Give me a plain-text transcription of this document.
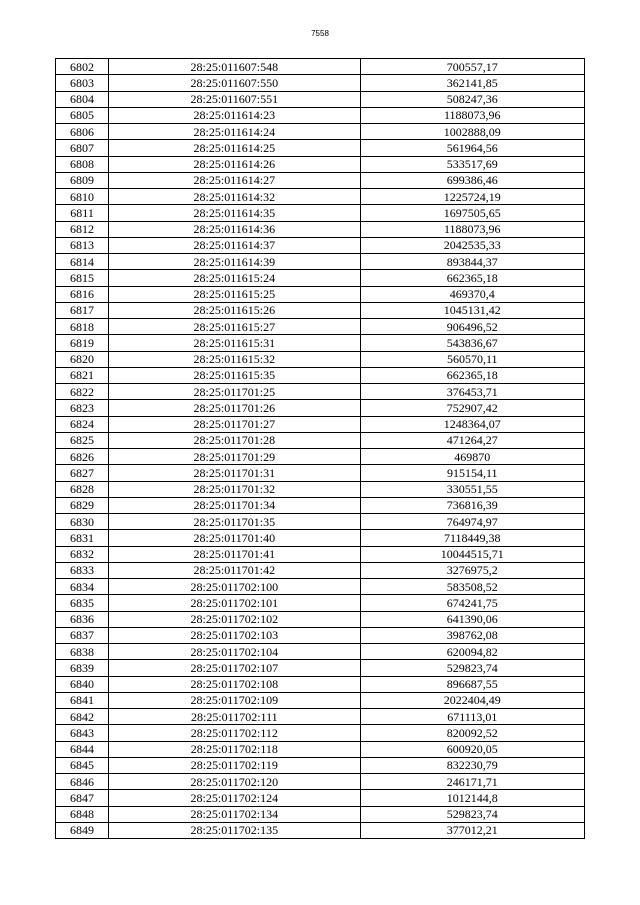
7558
6802	28:25:011607:548	700557,17
6803	28:25:011607:550	362141,85
6804	28:25:011607:551	508247,36
6805	28:25:011614:23	1188073,96
6806	28:25:011614:24	1002888,09
6807	28:25:011614:25	561964,56
6808	28:25:011614:26	533517,69
6809	28:25:011614:27	699386,46
6810	28:25:011614:32	1225724,19
6811	28:25:011614:35	1697505,65
6812	28:25:011614:36	1188073,96
6813	28:25:011614:37	2042535,33
6814	28:25:011614:39	893844,37
6815	28:25:011615:24	662365,18
6816	28:25:011615:25	469370,4
6817	28:25:011615:26	1045131,42
6818	28:25:011615:27	906496,52
6819	28:25:011615:31	543836,67
6820	28:25:011615:32	560570,11
6821	28:25:011615:35	662365,18
6822	28:25:011701:25	376453,71
6823	28:25:011701:26	752907,42
6824	28:25:011701:27	1248364,07
6825	28:25:011701:28	471264,27
6826	28:25:011701:29	469870
6827	28:25:011701:31	915154,11
6828	28:25:011701:32	330551,55
6829	28:25:011701:34	736816,39
6830	28:25:011701:35	764974,97
6831	28:25:011701:40	7118449,38
6832	28:25:011701:41	10044515,71
6833	28:25:011701:42	3276975,2
6834	28:25:011702:100	583508,52
6835	28:25:011702:101	674241,75
6836	28:25:011702:102	641390,06
6837	28:25:011702:103	398762,08
6838	28:25:011702:104	620094,82
6839	28:25:011702:107	529823,74
6840	28:25:011702:108	896687,55
6841	28:25:011702:109	2022404,49
6842	28:25:011702:111	671113,01
6843	28:25:011702:112	820092,52
6844	28:25:011702:118	600920,05
6845	28:25:011702:119	832230,79
6846	28:25:011702:120	246171,71
6847	28:25:011702:124	1012144,8
6848	28:25:011702:134	529823,74
6849	28:25:011702:135	377012,21
